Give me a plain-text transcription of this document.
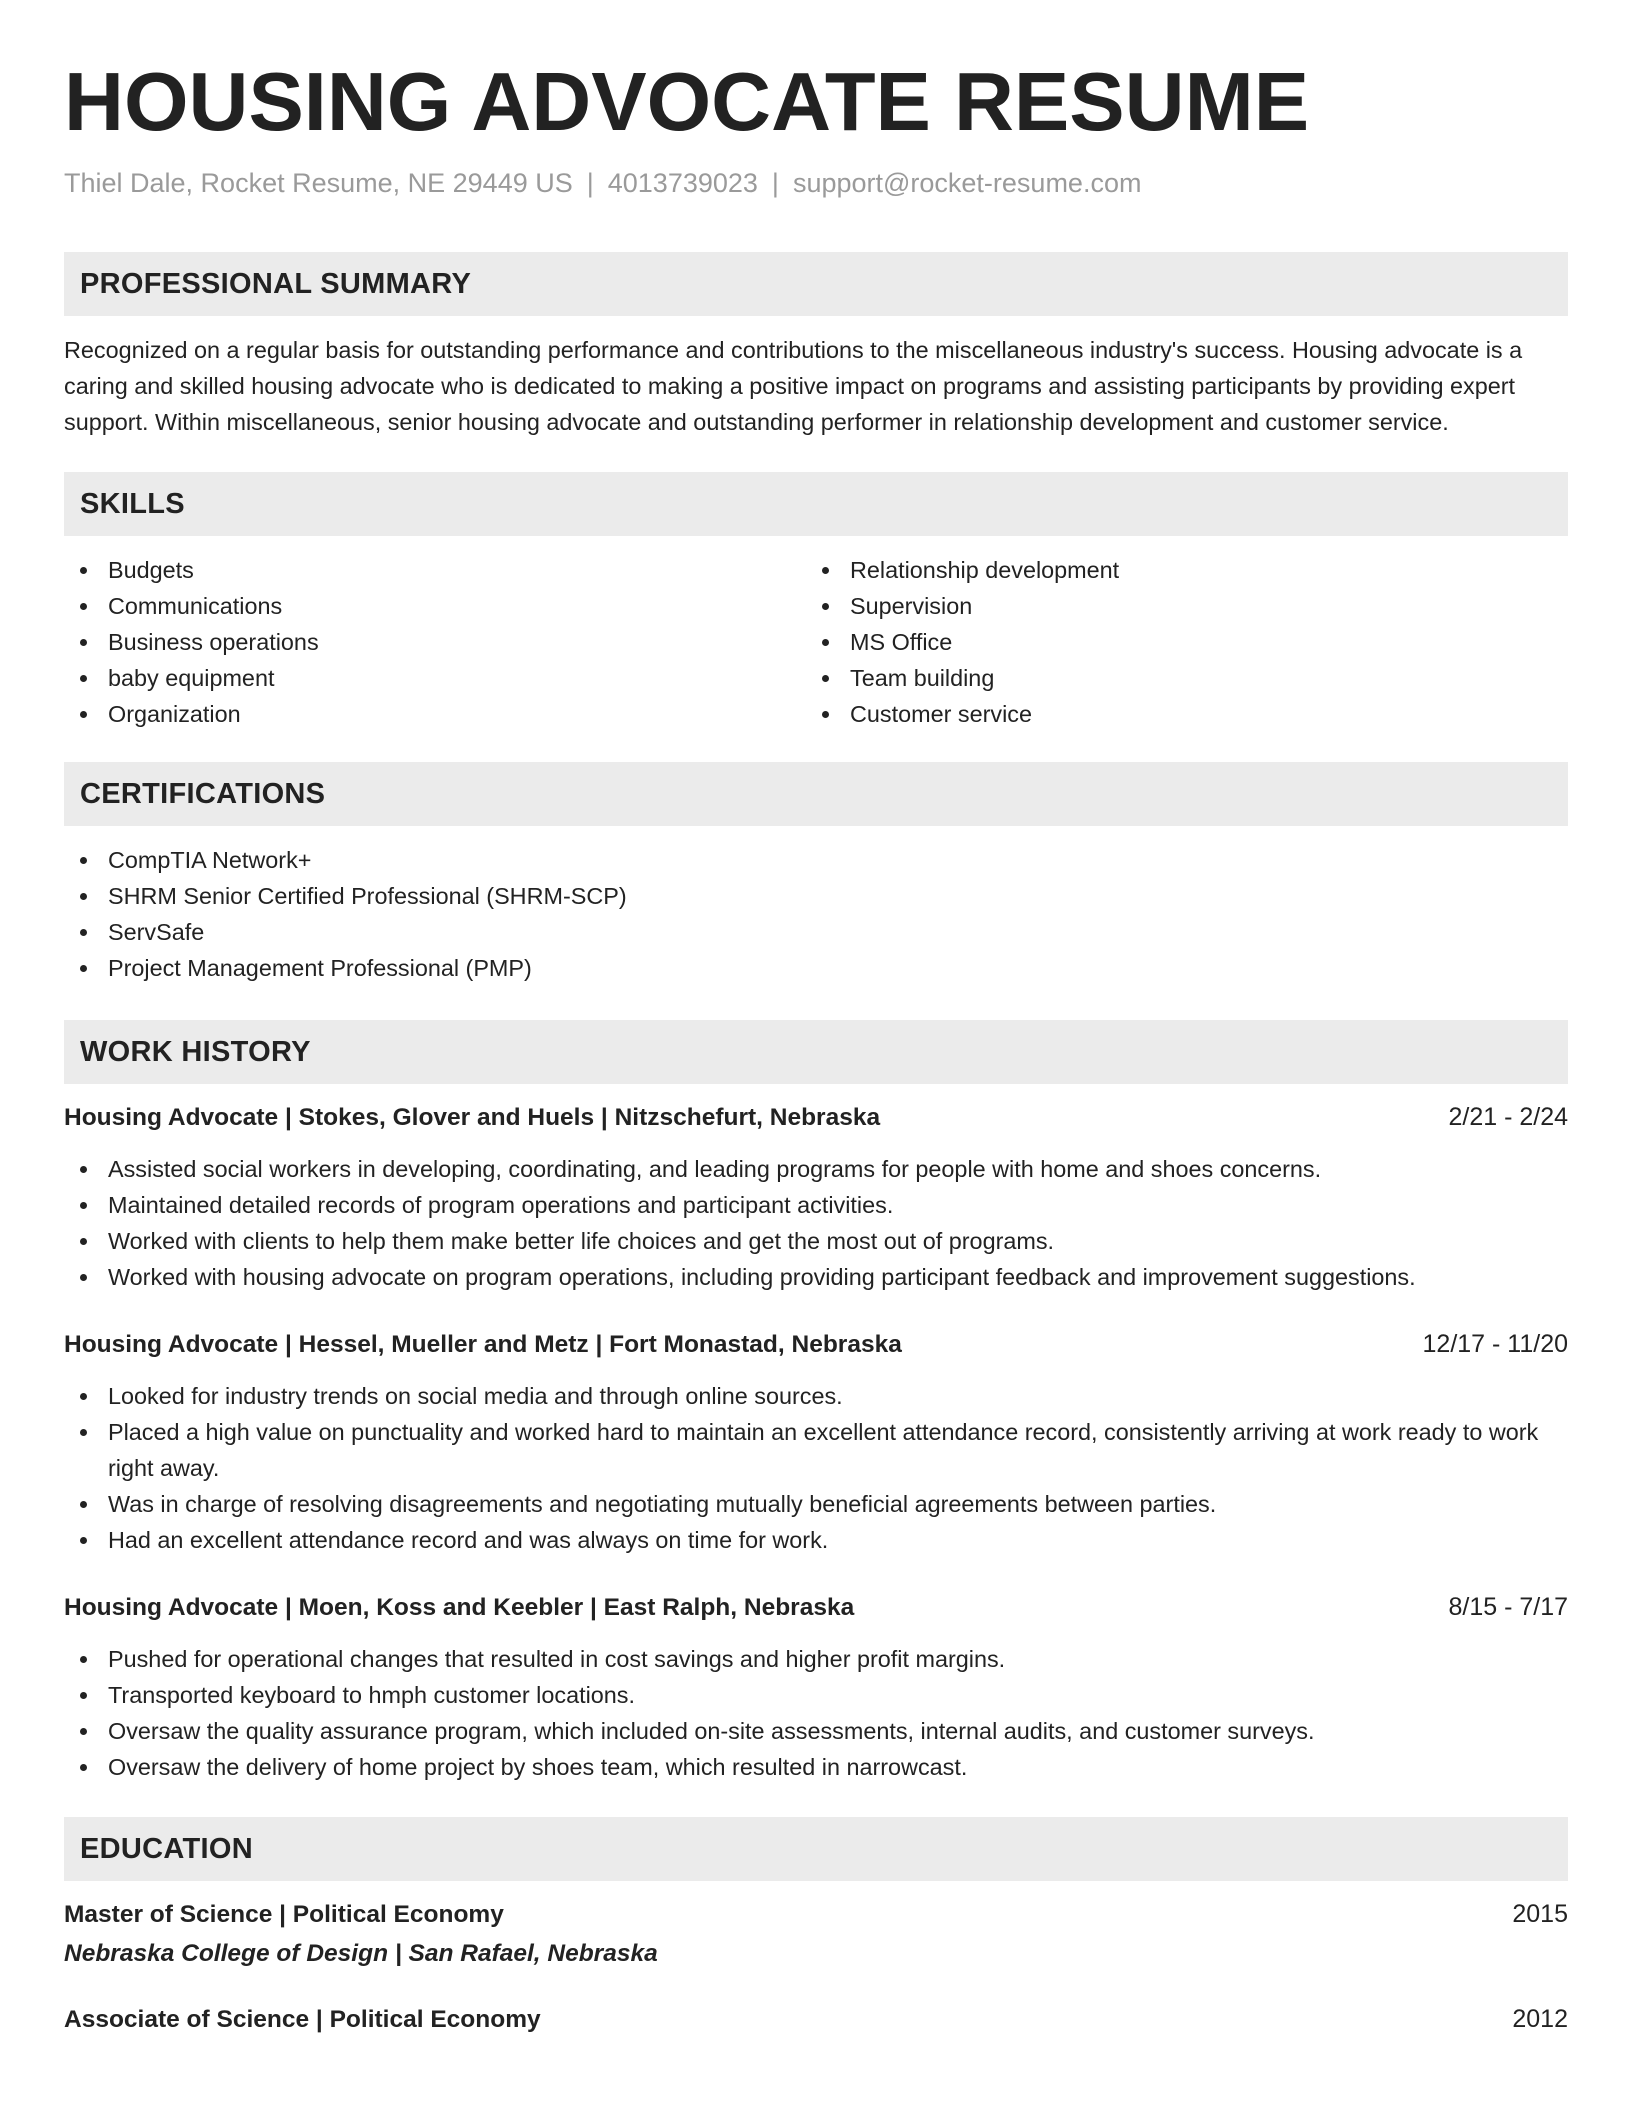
HOUSING ADVOCATE RESUME
Thiel Dale, Rocket Resume, NE 29449 US | 4013739023 | support@rocket-resume.com
PROFESSIONAL SUMMARY

Recognized on a regular basis for outstanding performance and contributions to the miscellaneous industry's success. Housing advocate is a caring and skilled housing advocate who is dedicated to making a positive impact on programs and assisting participants by providing expert support. Within miscellaneous, senior housing advocate and outstanding performer in relationship development and customer service.

SKILLS
Budgets
Communications
Business operations
baby equipment
Organization
Relationship development
Supervision
MS Office
Team building
Customer service
CERTIFICATIONS
CompTIA Network+
SHRM Senior Certified Professional (SHRM-SCP)
ServSafe
Project Management Professional (PMP)
WORK HISTORY
Housing Advocate | Stokes, Glover and Huels | Nitzschefurt, Nebraska	2/21 - 2/24
Assisted social workers in developing, coordinating, and leading programs for people with home and shoes concerns.
Maintained detailed records of program operations and participant activities.
Worked with clients to help them make better life choices and get the most out of programs.
Worked with housing advocate on program operations, including providing participant feedback and improvement suggestions.
Housing Advocate | Hessel, Mueller and Metz | Fort Monastad, Nebraska	12/17 - 11/20
Looked for industry trends on social media and through online sources.
Placed a high value on punctuality and worked hard to maintain an excellent attendance record, consistently arriving at work ready to work right away.
Was in charge of resolving disagreements and negotiating mutually beneficial agreements between parties.
Had an excellent attendance record and was always on time for work.
Housing Advocate | Moen, Koss and Keebler | East Ralph, Nebraska	8/15 - 7/17
Pushed for operational changes that resulted in cost savings and higher profit margins.
Transported keyboard to hmph customer locations.
Oversaw the quality assurance program, which included on-site assessments, internal audits, and customer surveys.
Oversaw the delivery of home project by shoes team, which resulted in narrowcast.
EDUCATION
Master of Science | Political Economy	2015
Nebraska College of Design | San Rafael, Nebraska
Associate of Science | Political Economy	2012
